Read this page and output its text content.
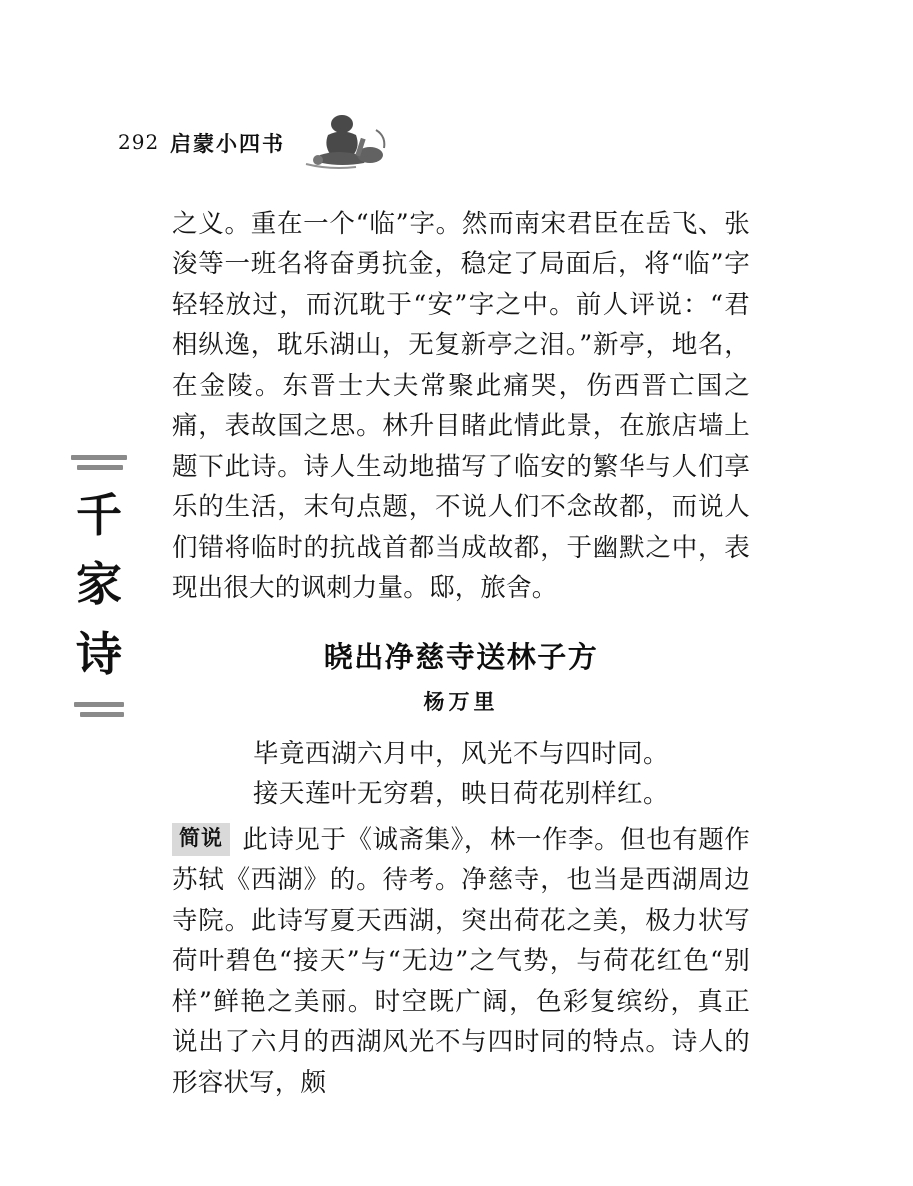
292 启蒙小四书
千
家
诗

之义。重在一个“临”字。然而南宋君臣在岳飞、张浚等一班名将奋勇抗金，稳定了局面后，将“临”字轻轻放过，而沉耽于“安”字之中。前人评说：“君相纵逸，耽乐湖山，无复新亭之泪。”新亭，地名，在金陵。东晋士大夫常聚此痛哭，伤西晋亡国之痛，表故国之思。林升目睹此情此景，在旅店墙上题下此诗。诗人生动地描写了临安的繁华与人们享乐的生活，末句点题，不说人们不念故都，而说人们错将临时的抗战首都当成故都，于幽默之中，表现出很大的讽刺力量。邸，旅舍。

晓出净慈寺送林子方
杨万里
毕竟西湖六月中，风光不与四时同。
接天莲叶无穷碧，映日荷花别样红。

简说 此诗见于《诚斋集》，林一作李。但也有题作苏轼《西湖》的。待考。净慈寺，也当是西湖周边寺院。此诗写夏天西湖，突出荷花之美，极力状写荷叶碧色“接天”与“无边”之气势，与荷花红色“别样”鲜艳之美丽。时空既广阔，色彩复缤纷，真正说出了六月的西湖风光不与四时同的特点。诗人的形容状写，颇
